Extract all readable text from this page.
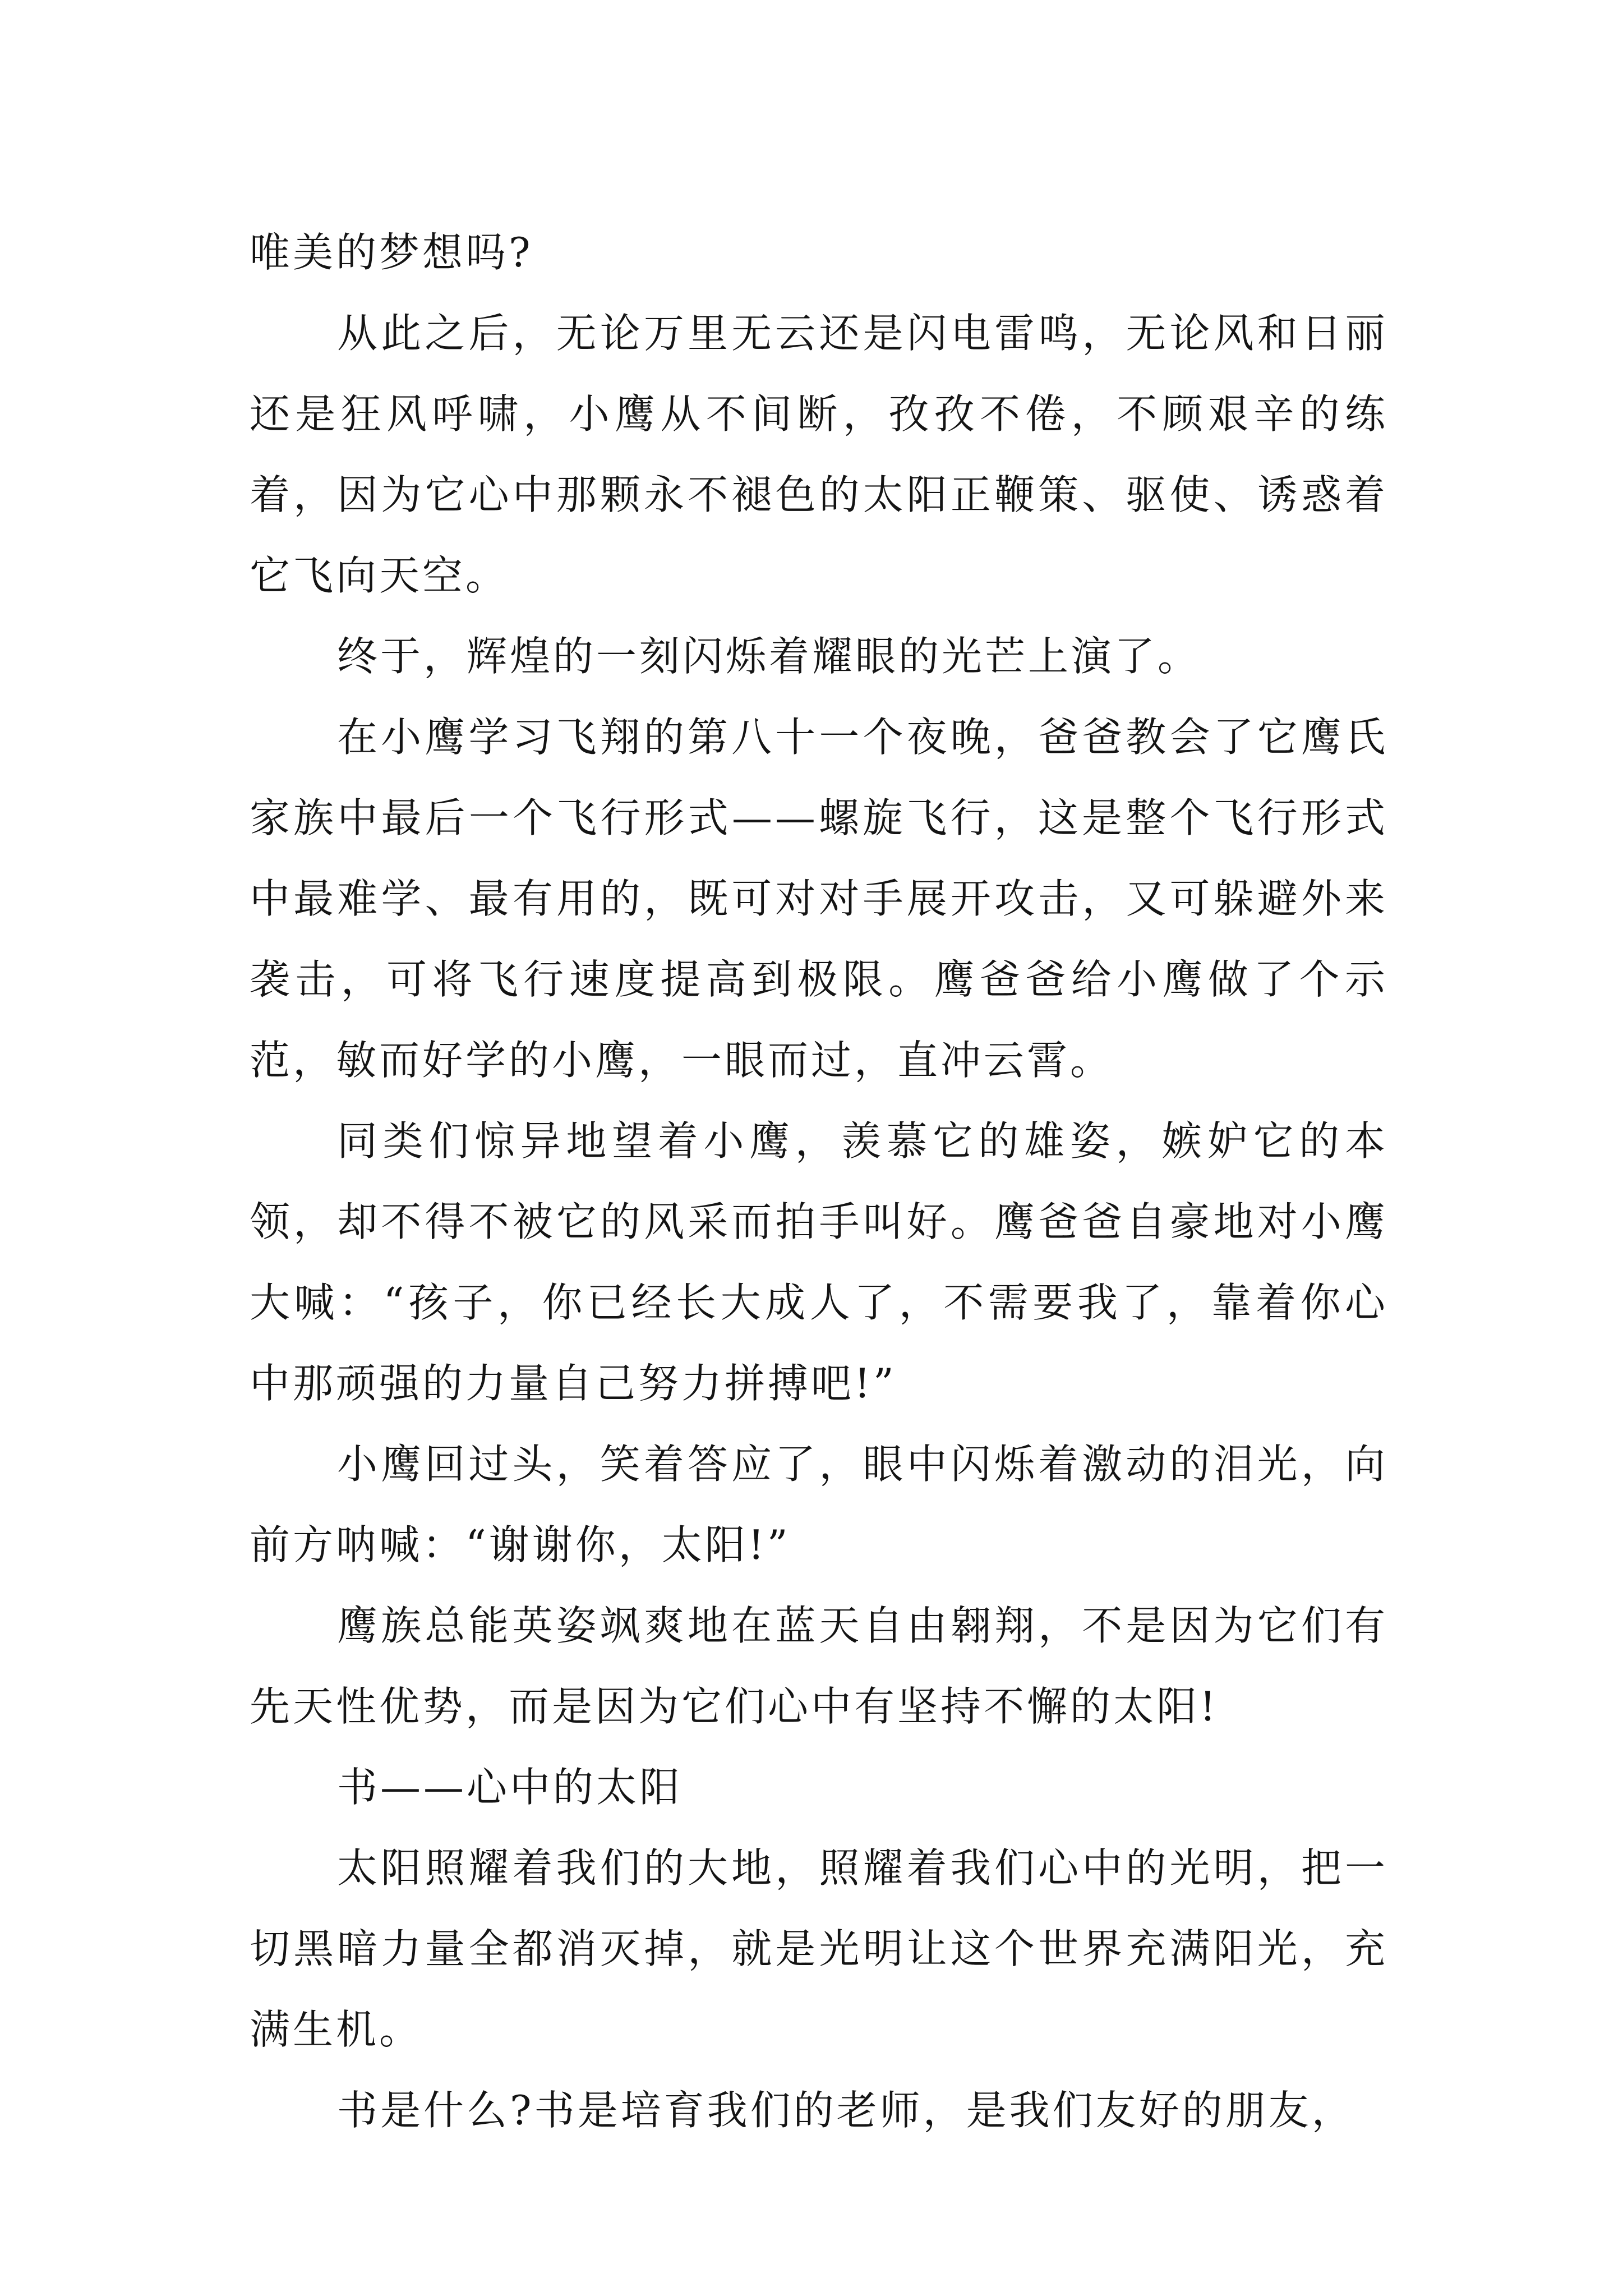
唯美的梦想吗?

从此之后，无论万里无云还是闪电雷鸣，无论风和日丽还是狂风呼啸，小鹰从不间断，孜孜不倦，不顾艰辛的练着，因为它心中那颗永不褪色的太阳正鞭策、驱使、诱惑着它飞向天空。

终于，辉煌的一刻闪烁着耀眼的光芒上演了。

在小鹰学习飞翔的第八十一个夜晚，爸爸教会了它鹰氏家族中最后一个飞行形式——螺旋飞行，这是整个飞行形式中最难学、最有用的，既可对对手展开攻击，又可躲避外来袭击，可将飞行速度提高到极限。鹰爸爸给小鹰做了个示范，敏而好学的小鹰，一眼而过，直冲云霄。

同类们惊异地望着小鹰，羡慕它的雄姿，嫉妒它的本领，却不得不被它的风采而拍手叫好。鹰爸爸自豪地对小鹰大喊：“孩子，你已经长大成人了，不需要我了，靠着你心中那顽强的力量自己努力拼搏吧!”

小鹰回过头，笑着答应了，眼中闪烁着激动的泪光，向前方呐喊：“谢谢你，太阳!”

鹰族总能英姿飒爽地在蓝天自由翱翔，不是因为它们有先天性优势，而是因为它们心中有坚持不懈的太阳!

书——心中的太阳

太阳照耀着我们的大地，照耀着我们心中的光明，把一切黑暗力量全都消灭掉，就是光明让这个世界充满阳光，充满生机。

书是什么?书是培育我们的老师，是我们友好的朋友，
